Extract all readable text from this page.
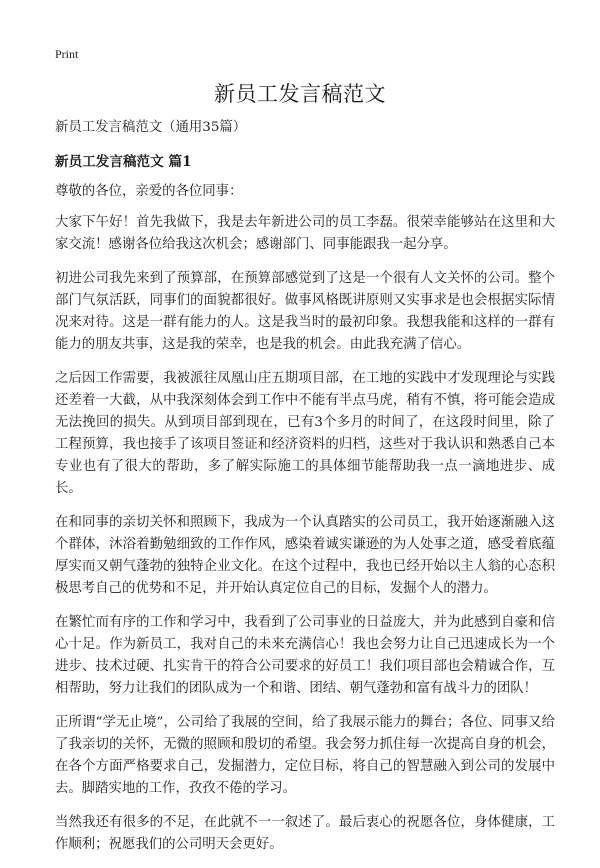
Print
新员工发言稿范文

新员工发言稿范文（通用35篇）

新员工发言稿范文 篇1

尊敬的各位，亲爱的各位同事：

大家下午好！首先我做下，我是去年新进公司的员工李磊。很荣幸能够站在这里和大家交流！感谢各位给我这次机会；感谢部门、同事能跟我一起分享。

初进公司我先来到了预算部，在预算部感觉到了这是一个很有人文关怀的公司。整个部门气氛活跃，同事们的面貌都很好。做事风格既讲原则又实事求是也会根据实际情况来对待。这是一群有能力的人。这是我当时的最初印象。我想我能和这样的一群有能力的朋友共事，这是我的荣幸，也是我的机会。由此我充满了信心。

之后因工作需要，我被派往凤凰山庄五期项目部，在工地的实践中才发现理论与实践还差着一大截，从中我深刻体会到工作中不能有半点马虎，稍有不慎，将可能会造成无法挽回的损失。从到项目部到现在，已有3个多月的时间了，在这段时间里，除了工程预算，我也接手了该项目签证和经济资料的归档，这些对于我认识和熟悉自己本专业也有了很大的帮助，多了解实际施工的具体细节能帮助我一点一滴地进步、成长。

在和同事的亲切关怀和照顾下，我成为一个认真踏实的公司员工，我开始逐渐融入这个群体，沐浴着勤勉细致的工作作风，感染着诚实谦逊的为人处事之道，感受着底蕴厚实而又朝气蓬勃的独特企业文化。在这个过程中，我也已经开始以主人翁的心态积极思考自己的优势和不足，并开始认真定位自己的目标，发掘个人的潜力。

在繁忙而有序的工作和学习中，我看到了公司事业的日益庞大，并为此感到自豪和信心十足。作为新员工，我对自己的未来充满信心！我也会努力让自己迅速成长为一个进步、技术过硬、扎实肯干的符合公司要求的好员工！我们项目部也会精诚合作，互相帮助，努力让我们的团队成为一个和谐、团结、朝气蓬勃和富有战斗力的团队！

正所谓“学无止境”，公司给了我展的空间，给了我展示能力的舞台；各位、同事又给了我亲切的关怀，无微的照顾和殷切的希望。我会努力抓住每一次提高自身的机会，在各个方面严格要求自己，发掘潜力，定位目标，将自己的智慧融入到公司的发展中去。脚踏实地的工作，孜孜不倦的学习。

当然我还有很多的不足，在此就不一一叙述了。最后衷心的祝愿各位，身体健康，工作顺利；祝愿我们的公司明天会更好。
